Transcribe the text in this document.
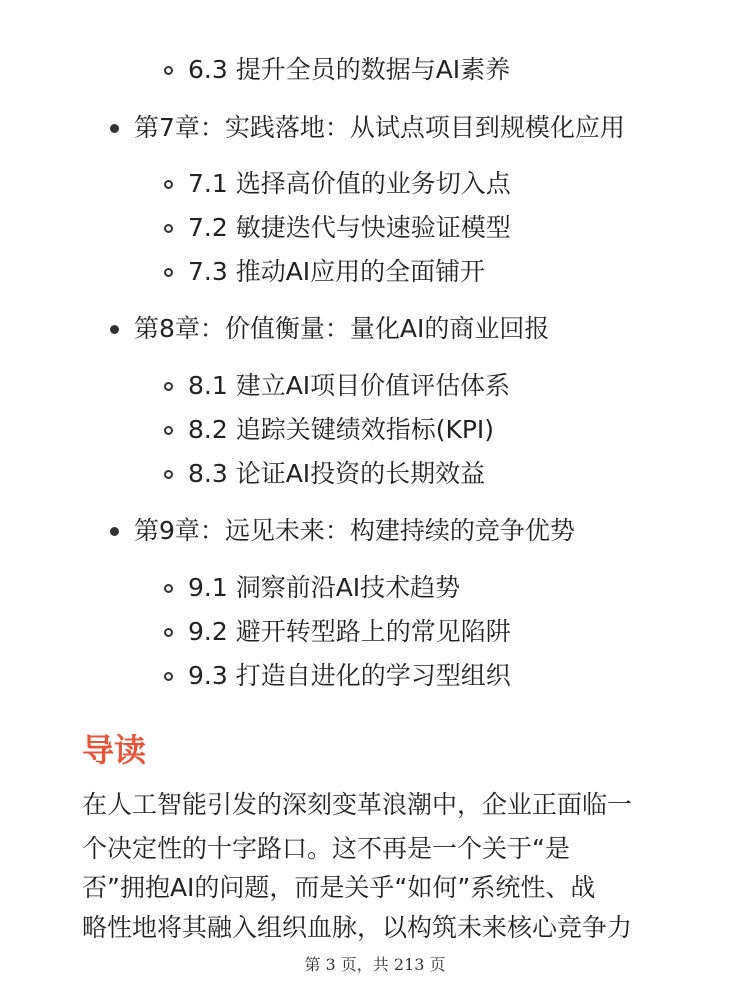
6.3 提升全员的数据与AI素养
第7章：实践落地：从试点项目到规模化应用
7.1 选择高价值的业务切入点
7.2 敏捷迭代与快速验证模型
7.3 推动AI应用的全面铺开
第8章：价值衡量：量化AI的商业回报
8.1 建立AI项目价值评估体系
8.2 追踪关键绩效指标(KPI)
8.3 论证AI投资的长期效益
第9章：远见未来：构建持续的竞争优势
9.1 洞察前沿AI技术趋势
9.2 避开转型路上的常见陷阱
9.3 打造自进化的学习型组织
导读
在人工智能引发的深刻变革浪潮中，企业正面临一
个决定性的十字路口。这不再是一个关于“是
否”拥抱AI的问题，而是关乎“如何”系统性、战
略性地将其融入组织血脉，以构筑未来核心竞争力
第 3 页，共 213 页
